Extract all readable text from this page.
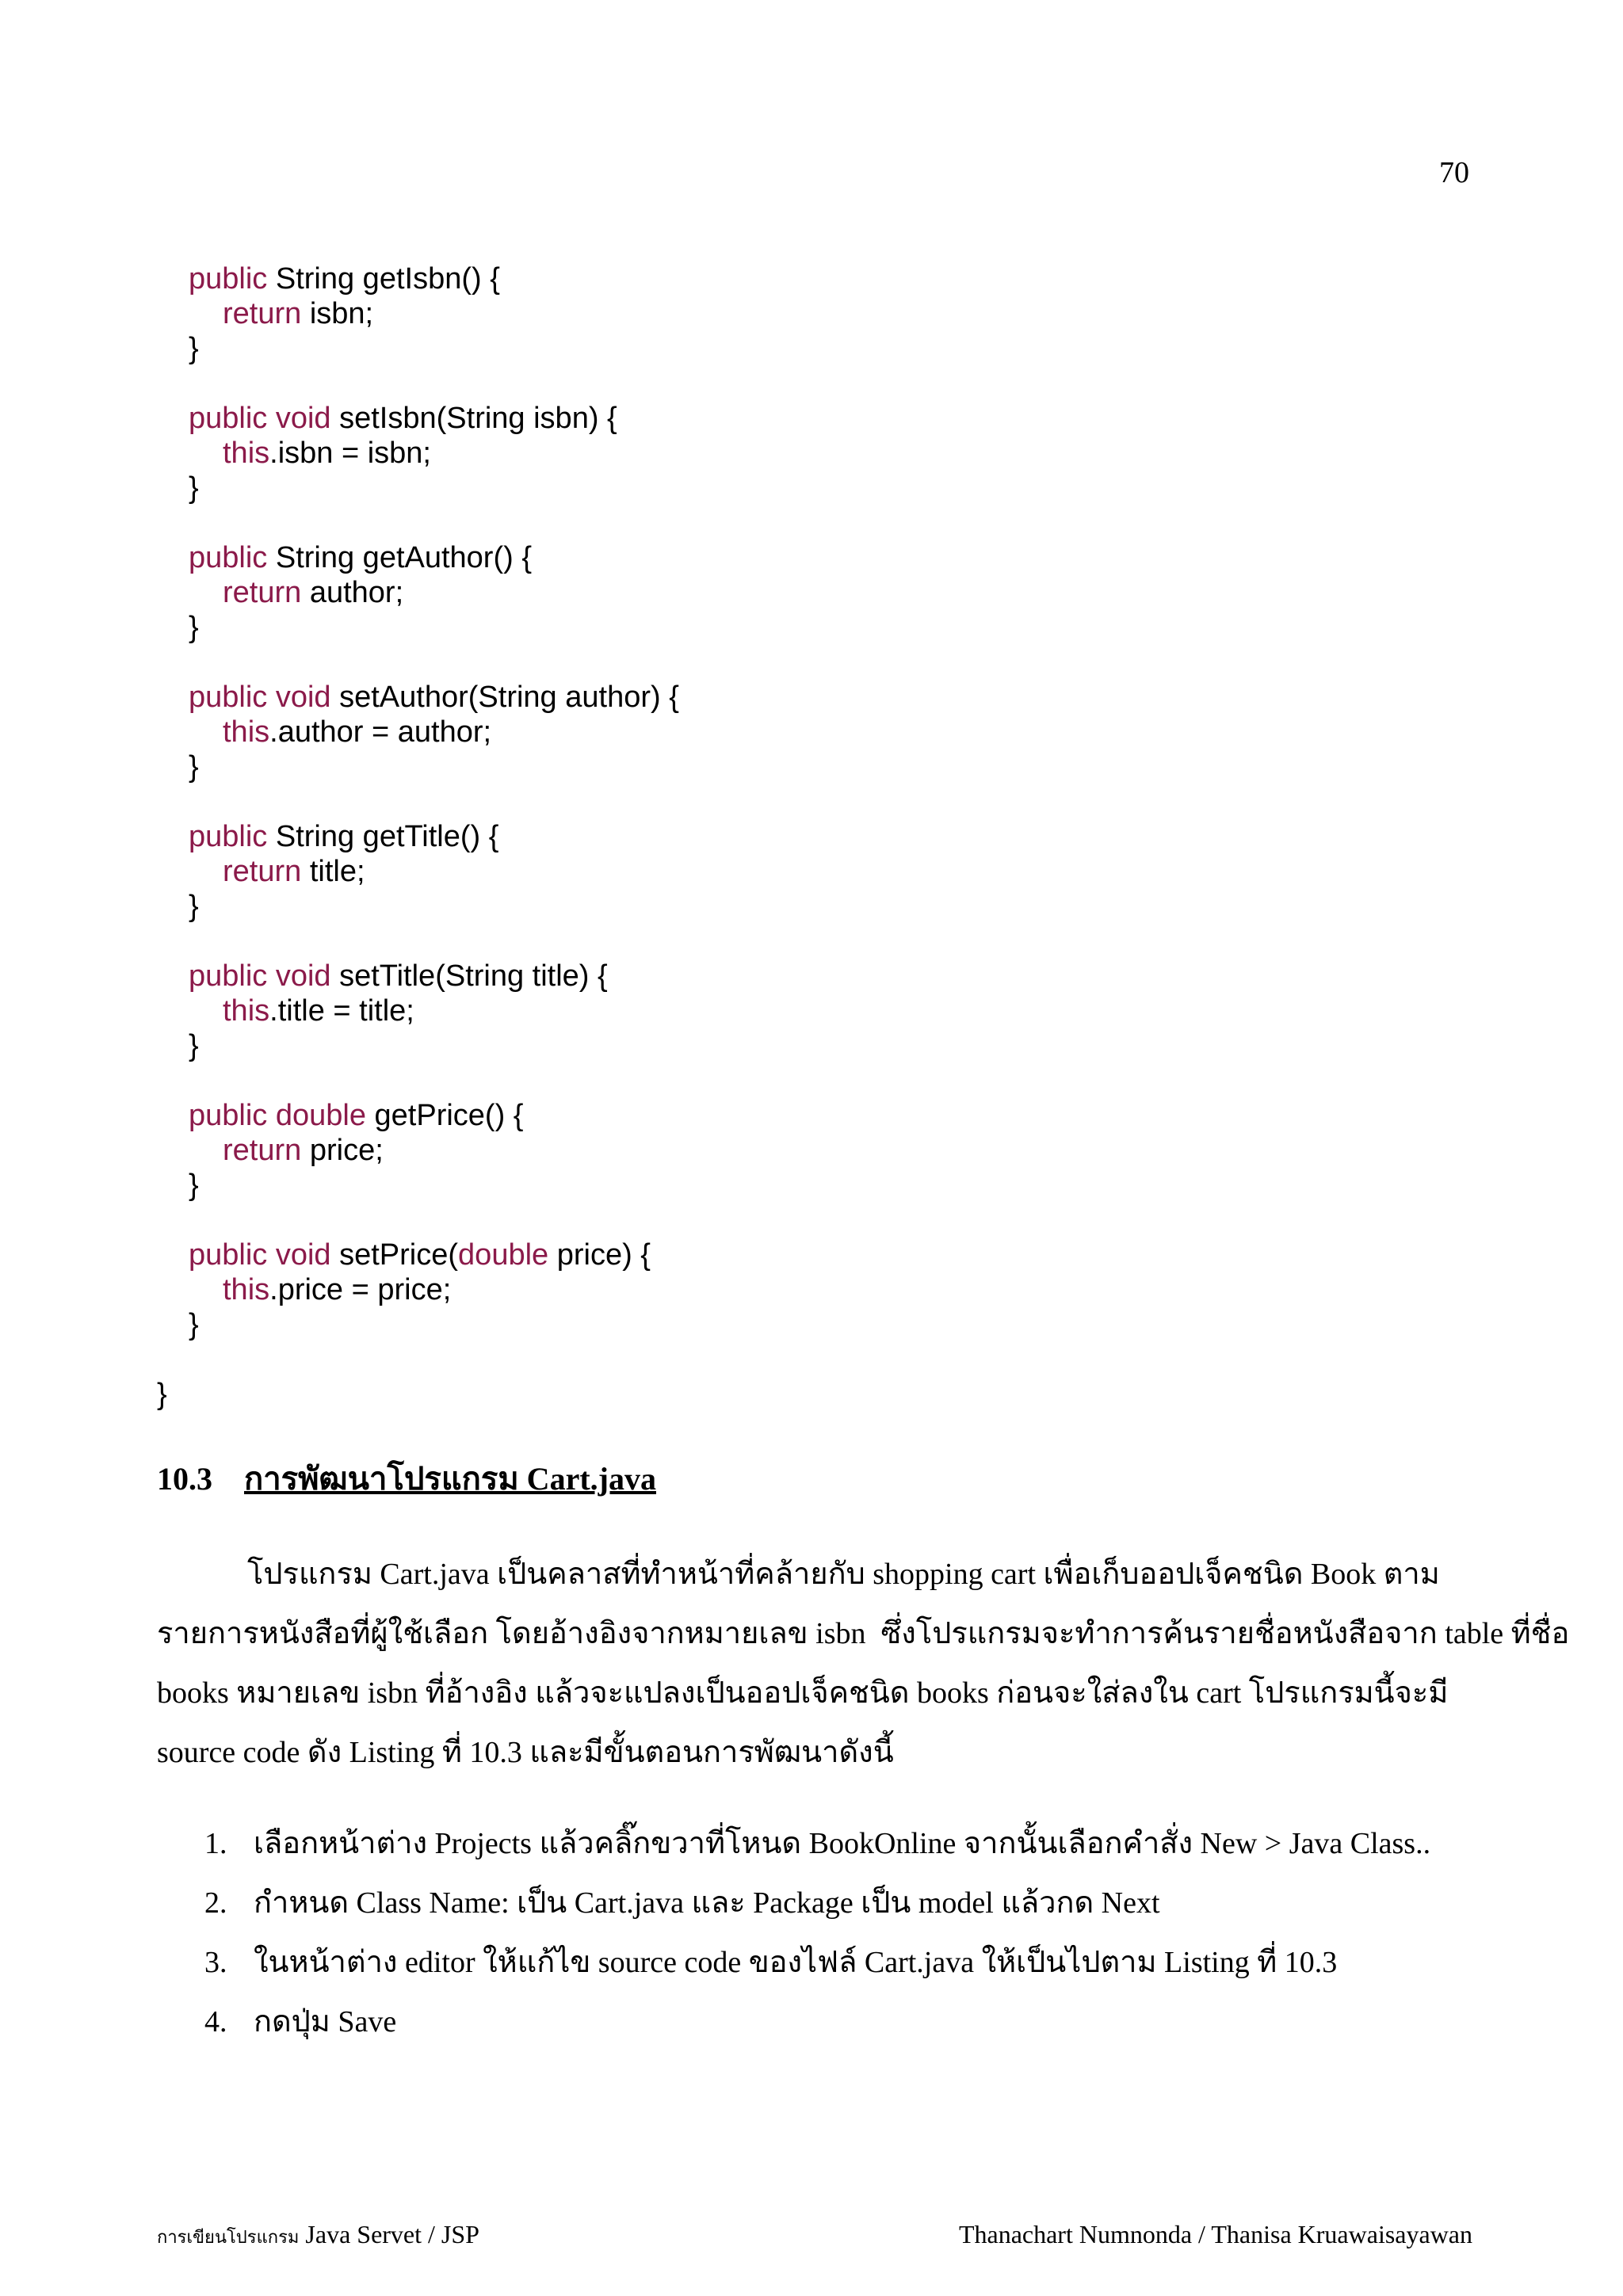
70
public String getIsbn() {
return isbn;
}
public void setIsbn(String isbn) {
this.isbn = isbn;
}
public String getAuthor() {
return author;
}
public void setAuthor(String author) {
this.author = author;
}
public String getTitle() {
return title;
}
public void setTitle(String title) {
this.title = title;
}
public double getPrice() {
return price;
}
public void setPrice(double price) {
this.price = price;
}
}
10.3 การพัฒนาโปรแกรม Cart.java
โปรแกรม Cart.java เป็นคลาสที่ทำหน้าที่คล้ายกับ shopping cart เพื่อเก็บออปเจ็คชนิด Book ตาม
รายการหนังสือที่ผู้ใช้เลือก โดยอ้างอิงจากหมายเลข isbn  ซึ่งโปรแกรมจะทำการค้นรายชื่อหนังสือจาก table ที่ชื่อ
books หมายเลข isbn ที่อ้างอิง แล้วจะแปลงเป็นออปเจ็คชนิด books ก่อนจะใส่ลงใน cart โปรแกรมนี้จะมี
source code ดัง Listing ที่ 10.3 และมีขั้นตอนการพัฒนาดังนี้
1. เลือกหน้าต่าง Projects แล้วคลิ๊กขวาที่โหนด BookOnline จากนั้นเลือกคำสั่ง New > Java Class..
2. กำหนด Class Name: เป็น Cart.java และ Package เป็น model แล้วกด Next
3. ในหน้าต่าง editor ให้แก้ไข source code ของไฟล์ Cart.java ให้เป็นไปตาม Listing ที่ 10.3
4. กดปุ่ม Save
การเขียนโปรแกรม Java Servet / JSP	Thanachart Numnonda / Thanisa Kruawaisayawan
